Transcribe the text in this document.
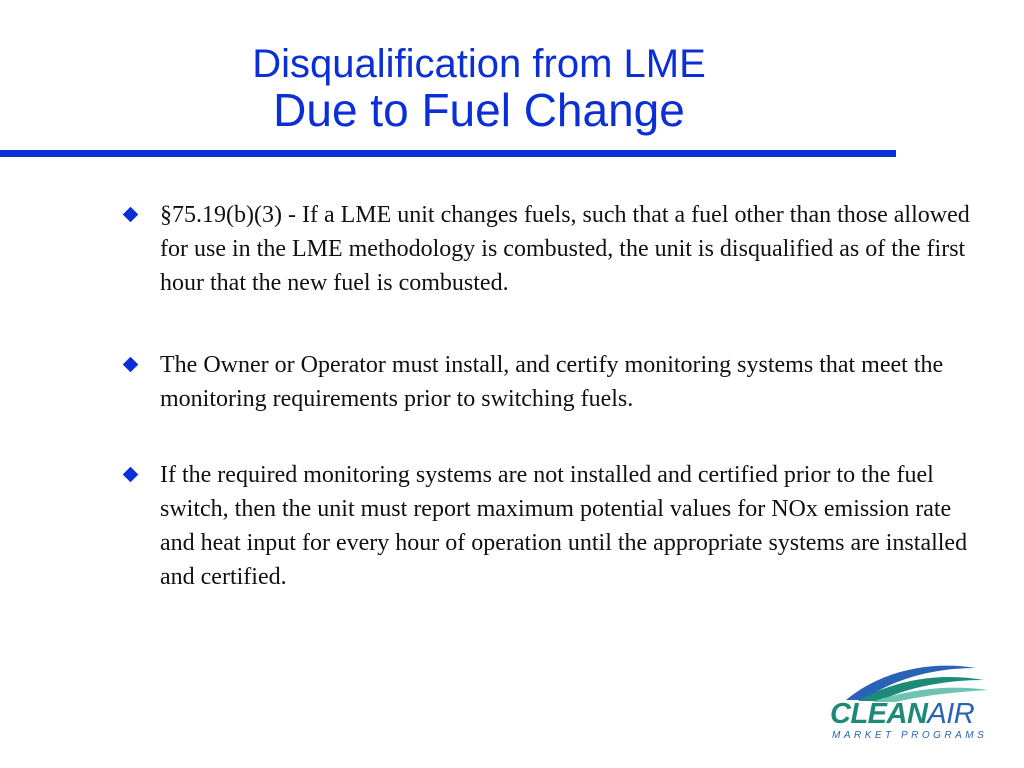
Disqualification from LME
Due to Fuel Change
§75.19(b)(3) - If a LME unit changes fuels, such that a fuel other than those allowed for use in the LME methodology is combusted, the unit is disqualified as of the first hour that the new fuel is combusted.
The Owner or Operator must install, and certify monitoring systems that meet the monitoring requirements prior to switching fuels.
If the required monitoring systems are not installed and certified prior to the fuel switch, then the unit must report maximum potential values for NOx emission rate and heat input for every hour of operation until the appropriate systems are installed and certified.
CLEANAIR
MARKET PROGRAMS
